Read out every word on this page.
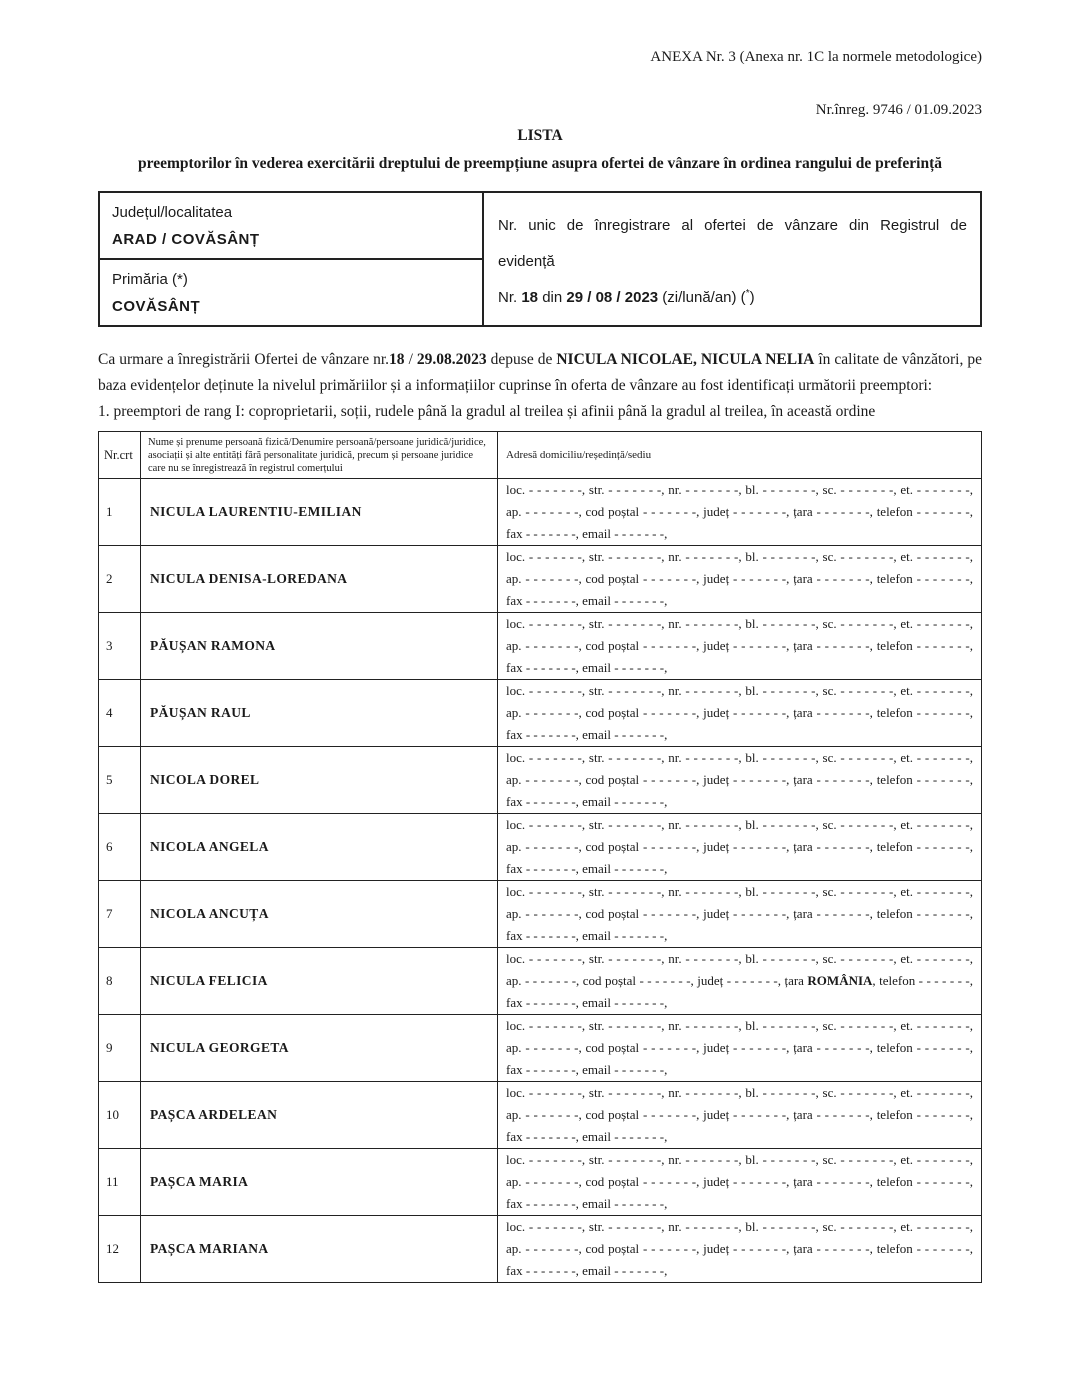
ANEXA Nr. 3 (Anexa nr. 1C la normele metodologice)
Nr.înreg. 9746 / 01.09.2023
LISTA
preemptorilor în vederea exercitării dreptului de preempțiune asupra ofertei de vânzare în ordinea rangului de preferință
Județul/localitatea
ARAD / COVĂSÂNȚ

Nr. unic de înregistrare al ofertei de vânzare din Registrul de
evidență
Nr. 18 din 29 / 08 / 2023 (zi/lună/an) (*)

Primăria (*)
COVĂSÂNȚ

Ca urmare a înregistrării Ofertei de vânzare nr.18 / 29.08.2023 depuse de NICULA NICOLAE, NICULA NELIA în calitate de vânzători, pe baza evidențelor deținute la nivelul primăriilor și a informațiilor cuprinse în oferta de vânzare au fost identificați următorii preemptori:

1. preemptori de rang I: coproprietarii, soții, rudele până la gradul al treilea și afinii până la gradul al treilea, în această ordine

Nr.crt	Nume și prenume persoană fizică/Denumire persoană/persoane juridică/juridice, asociații și alte entități fără personalitate juridică, precum și persoane juridice care nu se înregistrează în registrul comerțului	Adresă domiciliu/reședință/sediu
1	NICULA LAURENTIU-EMILIAN	loc. - - - - - - -, str. - - - - - - -, nr. - - - - - - -, bl. - - - - - - -, sc. - - - - - - -, et. - - - - - - -,
ap. - - - - - - -, cod poștal - - - - - - -, județ - - - - - - -, țara - - - - - - -, telefon - - - - - - -,
fax - - - - - - -, email - - - - - - -,

2	NICULA DENISA-LOREDANA	loc. - - - - - - -, str. - - - - - - -, nr. - - - - - - -, bl. - - - - - - -, sc. - - - - - - -, et. - - - - - - -,
ap. - - - - - - -, cod poștal - - - - - - -, județ - - - - - - -, țara - - - - - - -, telefon - - - - - - -,
fax - - - - - - -, email - - - - - - -,

3	PĂUȘAN RAMONA	loc. - - - - - - -, str. - - - - - - -, nr. - - - - - - -, bl. - - - - - - -, sc. - - - - - - -, et. - - - - - - -,
ap. - - - - - - -, cod poștal - - - - - - -, județ - - - - - - -, țara - - - - - - -, telefon - - - - - - -,
fax - - - - - - -, email - - - - - - -,

4	PĂUȘAN RAUL	loc. - - - - - - -, str. - - - - - - -, nr. - - - - - - -, bl. - - - - - - -, sc. - - - - - - -, et. - - - - - - -,
ap. - - - - - - -, cod poștal - - - - - - -, județ - - - - - - -, țara - - - - - - -, telefon - - - - - - -,
fax - - - - - - -, email - - - - - - -,

5	NICOLA DOREL	loc. - - - - - - -, str. - - - - - - -, nr. - - - - - - -, bl. - - - - - - -, sc. - - - - - - -, et. - - - - - - -,
ap. - - - - - - -, cod poștal - - - - - - -, județ - - - - - - -, țara - - - - - - -, telefon - - - - - - -,
fax - - - - - - -, email - - - - - - -,

6	NICOLA ANGELA	loc. - - - - - - -, str. - - - - - - -, nr. - - - - - - -, bl. - - - - - - -, sc. - - - - - - -, et. - - - - - - -,
ap. - - - - - - -, cod poștal - - - - - - -, județ - - - - - - -, țara - - - - - - -, telefon - - - - - - -,
fax - - - - - - -, email - - - - - - -,

7	NICOLA ANCUȚA	loc. - - - - - - -, str. - - - - - - -, nr. - - - - - - -, bl. - - - - - - -, sc. - - - - - - -, et. - - - - - - -,
ap. - - - - - - -, cod poștal - - - - - - -, județ - - - - - - -, țara - - - - - - -, telefon - - - - - - -,
fax - - - - - - -, email - - - - - - -,

8	NICULA FELICIA	loc. - - - - - - -, str. - - - - - - -, nr. - - - - - - -, bl. - - - - - - -, sc. - - - - - - -, et. - - - - - - -,
ap. - - - - - - -, cod poștal - - - - - - -, județ - - - - - - -, țara ROMÂNIA, telefon - - - - - - -,
fax - - - - - - -, email - - - - - - -,

9	NICULA GEORGETA	loc. - - - - - - -, str. - - - - - - -, nr. - - - - - - -, bl. - - - - - - -, sc. - - - - - - -, et. - - - - - - -,
ap. - - - - - - -, cod poștal - - - - - - -, județ - - - - - - -, țara - - - - - - -, telefon - - - - - - -,
fax - - - - - - -, email - - - - - - -,

10	PAȘCA ARDELEAN	loc. - - - - - - -, str. - - - - - - -, nr. - - - - - - -, bl. - - - - - - -, sc. - - - - - - -, et. - - - - - - -,
ap. - - - - - - -, cod poștal - - - - - - -, județ - - - - - - -, țara - - - - - - -, telefon - - - - - - -,
fax - - - - - - -, email - - - - - - -,

11	PAȘCA MARIA	loc. - - - - - - -, str. - - - - - - -, nr. - - - - - - -, bl. - - - - - - -, sc. - - - - - - -, et. - - - - - - -,
ap. - - - - - - -, cod poștal - - - - - - -, județ - - - - - - -, țara - - - - - - -, telefon - - - - - - -,
fax - - - - - - -, email - - - - - - -,

12	PAȘCA MARIANA	loc. - - - - - - -, str. - - - - - - -, nr. - - - - - - -, bl. - - - - - - -, sc. - - - - - - -, et. - - - - - - -,
ap. - - - - - - -, cod poștal - - - - - - -, județ - - - - - - -, țara - - - - - - -, telefon - - - - - - -,
fax - - - - - - -, email - - - - - - -,
